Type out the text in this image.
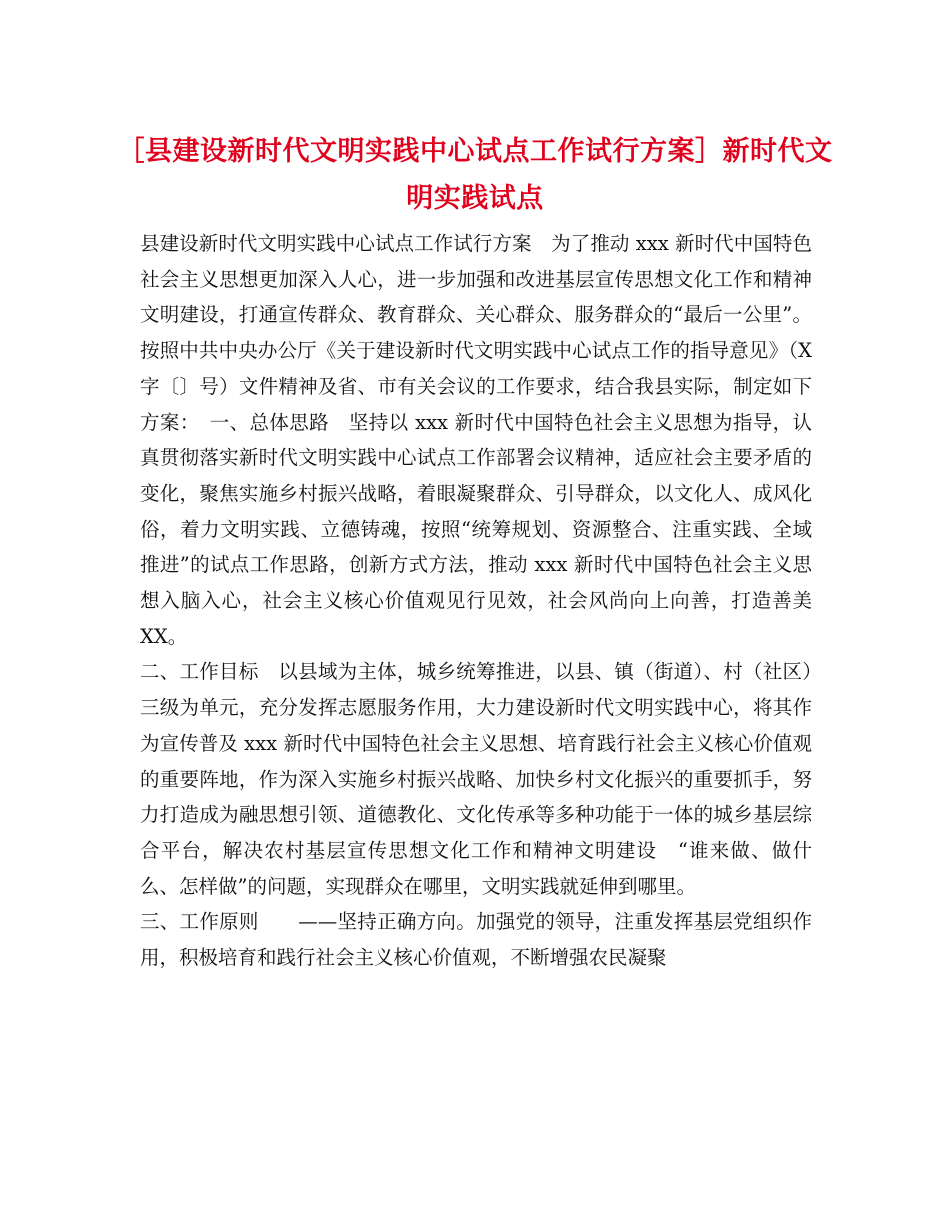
［县建设新时代文明实践中心试点工作试行方案］新时代文明实践试点

县建设新时代文明实践中心试点工作试行方案　为了推动 xxx 新时代中国特色社会主义思想更加深入人心，进一步加强和改进基层宣传思想文化工作和精神文明建设，打通宣传群众、教育群众、关心群众、服务群众的“最后一公里”。按照中共中央办公厅《关于建设新时代文明实践中心试点工作的指导意见》（X 字〔〕号）文件精神及省、市有关会议的工作要求，结合我县实际，制定如下方案：　一、总体思路　坚持以 xxx 新时代中国特色社会主义思想为指导，认真贯彻落实新时代文明实践中心试点工作部署会议精神，适应社会主要矛盾的变化，聚焦实施乡村振兴战略，着眼凝聚群众、引导群众，以文化人、成风化俗，着力文明实践、立德铸魂，按照“统筹规划、资源整合、注重实践、全域推进”的试点工作思路，创新方式方法，推动 xxx 新时代中国特色社会主义思想入脑入心，社会主义核心价值观见行见效，社会风尚向上向善，打造善美 XX。

二、工作目标　以县域为主体，城乡统筹推进，以县、镇（街道）、村（社区）三级为单元，充分发挥志愿服务作用，大力建设新时代文明实践中心，将其作为宣传普及 xxx 新时代中国特色社会主义思想、培育践行社会主义核心价值观的重要阵地，作为深入实施乡村振兴战略、加快乡村文化振兴的重要抓手，努力打造成为融思想引领、道德教化、文化传承等多种功能于一体的城乡基层综合平台，解决农村基层宣传思想文化工作和精神文明建设　“谁来做、做什么、怎样做”的问题，实现群众在哪里，文明实践就延伸到哪里。

三、工作原则　　——坚持正确方向。加强党的领导，注重发挥基层党组织作用，积极培育和践行社会主义核心价值观，不断增强农民凝聚
